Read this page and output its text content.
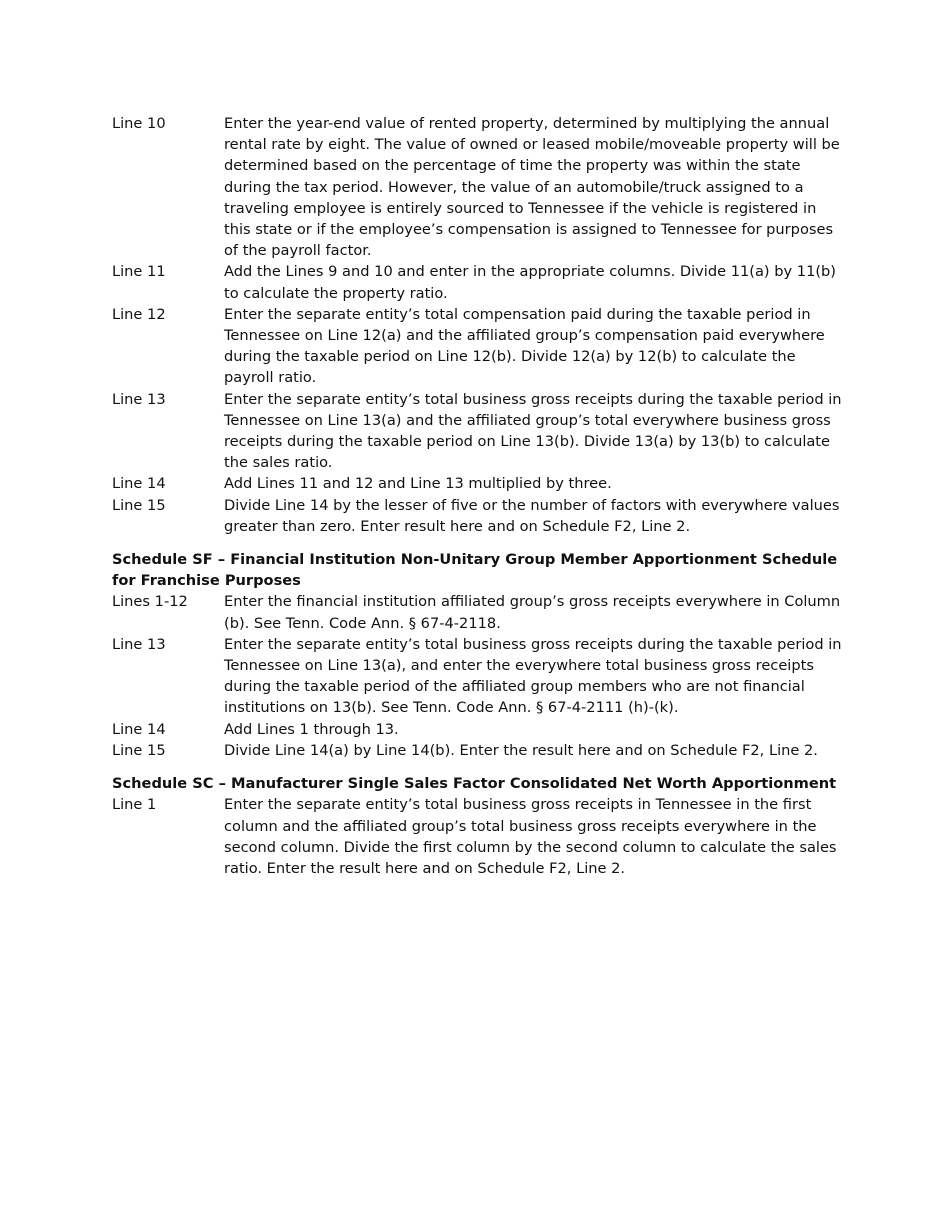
Line 10	Enter the year-end value of rented property, determined by multiplying the annual rental rate by eight. The value of owned or leased mobile/moveable property will be determined based on the percentage of time the property was within the state during the tax period. However, the value of an automobile/truck assigned to a traveling employee is entirely sourced to Tennessee if the vehicle is registered in this state or if the employee’s compensation is assigned to Tennessee for purposes of the payroll factor.
Line 11	Add the Lines 9 and 10 and enter in the appropriate columns. Divide 11(a) by 11(b) to calculate the property ratio.
Line 12	Enter the separate entity’s total compensation paid during the taxable period in Tennessee on Line 12(a) and the affiliated group’s compensation paid everywhere during the taxable period on Line 12(b). Divide 12(a) by 12(b) to calculate the payroll ratio.
Line 13	Enter the separate entity’s total business gross receipts during the taxable period in Tennessee on Line 13(a) and the affiliated group’s total everywhere business gross receipts during the taxable period on Line 13(b). Divide 13(a) by 13(b) to calculate the sales ratio.
Line 14	Add Lines 11 and 12 and Line 13 multiplied by three.
Line 15	Divide Line 14 by the lesser of five or the number of factors with everywhere values greater than zero. Enter result here and on Schedule F2, Line 2.
Schedule SF – Financial Institution Non-Unitary Group Member Apportionment Schedule for Franchise Purposes
Lines 1-12	Enter the financial institution affiliated group’s gross receipts everywhere in Column (b). See Tenn. Code Ann. § 67-4-2118.
Line 13	Enter the separate entity’s total business gross receipts during the taxable period in Tennessee on Line 13(a), and enter the everywhere total business gross receipts during the taxable period of the affiliated group members who are not financial institutions on 13(b). See Tenn. Code Ann. § 67-4-2111 (h)-(k).
Line 14	Add Lines 1 through 13.
Line 15	Divide Line 14(a) by Line 14(b). Enter the result here and on Schedule F2, Line 2.
Schedule SC – Manufacturer Single Sales Factor Consolidated Net Worth Apportionment
Line 1	Enter the separate entity’s total business gross receipts in Tennessee in the first column and the affiliated group’s total business gross receipts everywhere in the second column. Divide the first column by the second column to calculate the sales ratio. Enter the result here and on Schedule F2, Line 2.
